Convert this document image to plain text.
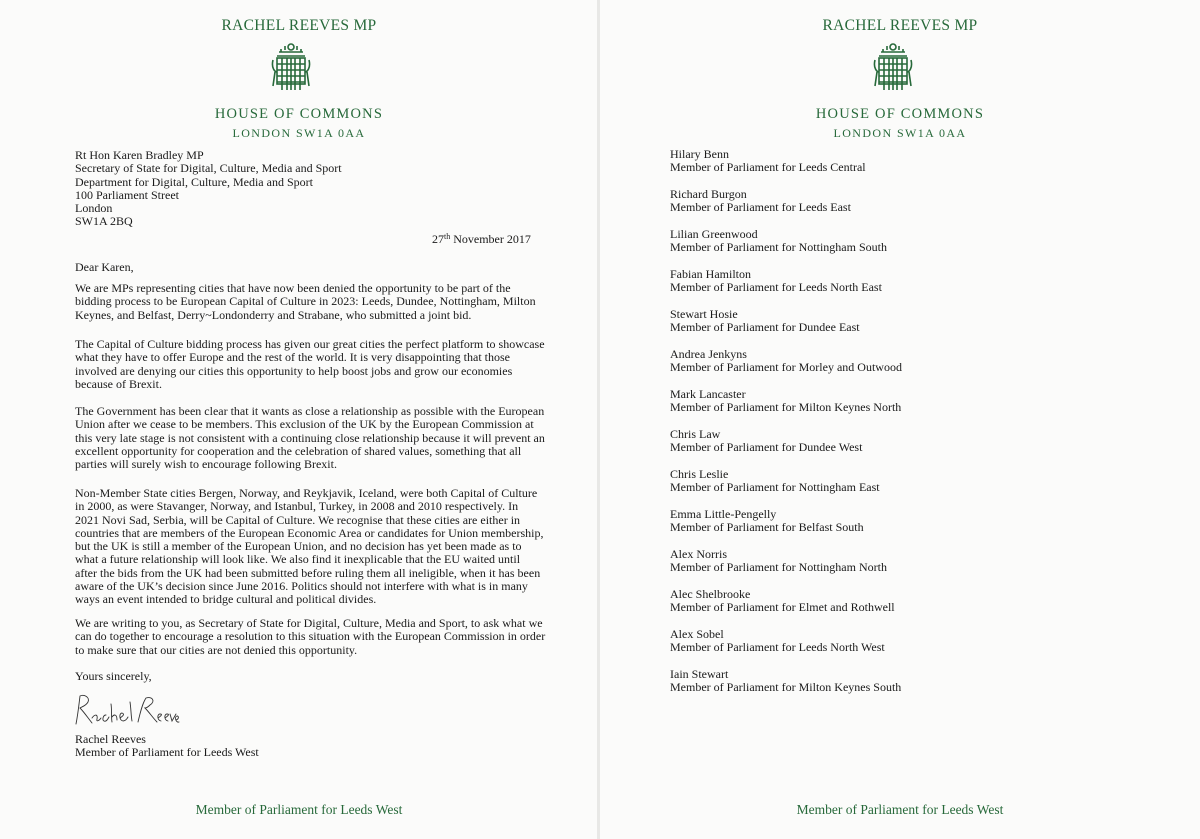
RACHEL REEVES MP
HOUSE OF COMMONS
LONDON SW1A 0AA
Rt Hon Karen Bradley MP
Secretary of State for Digital, Culture, Media and Sport
Department for Digital, Culture, Media and Sport
100 Parliament Street
London
SW1A 2BQ
27th November 2017
Dear Karen,
We are MPs representing cities that have now been denied the opportunity to be part of the
bidding process to be European Capital of Culture in 2023: Leeds, Dundee, Nottingham, Milton
Keynes, and Belfast, Derry~Londonderry and Strabane, who submitted a joint bid.
The Capital of Culture bidding process has given our great cities the perfect platform to showcase
what they have to offer Europe and the rest of the world. It is very disappointing that those
involved are denying our cities this opportunity to help boost jobs and grow our economies
because of Brexit.
The Government has been clear that it wants as close a relationship as possible with the European
Union after we cease to be members. This exclusion of the UK by the European Commission at
this very late stage is not consistent with a continuing close relationship because it will prevent an
excellent opportunity for cooperation and the celebration of shared values, something that all
parties will surely wish to encourage following Brexit.
Non-Member State cities Bergen, Norway, and Reykjavik, Iceland, were both Capital of Culture
in 2000, as were Stavanger, Norway, and Istanbul, Turkey, in 2008 and 2010 respectively. In
2021 Novi Sad, Serbia, will be Capital of Culture. We recognise that these cities are either in
countries that are members of the European Economic Area or candidates for Union membership,
but the UK is still a member of the European Union, and no decision has yet been made as to
what a future relationship will look like. We also find it inexplicable that the EU waited until
after the bids from the UK had been submitted before ruling them all ineligible, when it has been
aware of the UK’s decision since June 2016. Politics should not interfere with what is in many
ways an event intended to bridge cultural and political divides.
We are writing to you, as Secretary of State for Digital, Culture, Media and Sport, to ask what we
can do together to encourage a resolution to this situation with the European Commission in order
to make sure that our cities are not denied this opportunity.
Yours sincerely,
Rachel Reeves
Member of Parliament for Leeds West
Member of Parliament for Leeds West
RACHEL REEVES MP
HOUSE OF COMMONS
LONDON SW1A 0AA
Member of Parliament for Leeds West
Hilary Benn
Member of Parliament for Leeds Central
Richard Burgon
Member of Parliament for Leeds East
Lilian Greenwood
Member of Parliament for Nottingham South
Fabian Hamilton
Member of Parliament for Leeds North East
Stewart Hosie
Member of Parliament for Dundee East
Andrea Jenkyns
Member of Parliament for Morley and Outwood
Mark Lancaster
Member of Parliament for Milton Keynes North
Chris Law
Member of Parliament for Dundee West
Chris Leslie
Member of Parliament for Nottingham East
Emma Little-Pengelly
Member of Parliament for Belfast South
Alex Norris
Member of Parliament for Nottingham North
Alec Shelbrooke
Member of Parliament for Elmet and Rothwell
Alex Sobel
Member of Parliament for Leeds North West
Iain Stewart
Member of Parliament for Milton Keynes South
